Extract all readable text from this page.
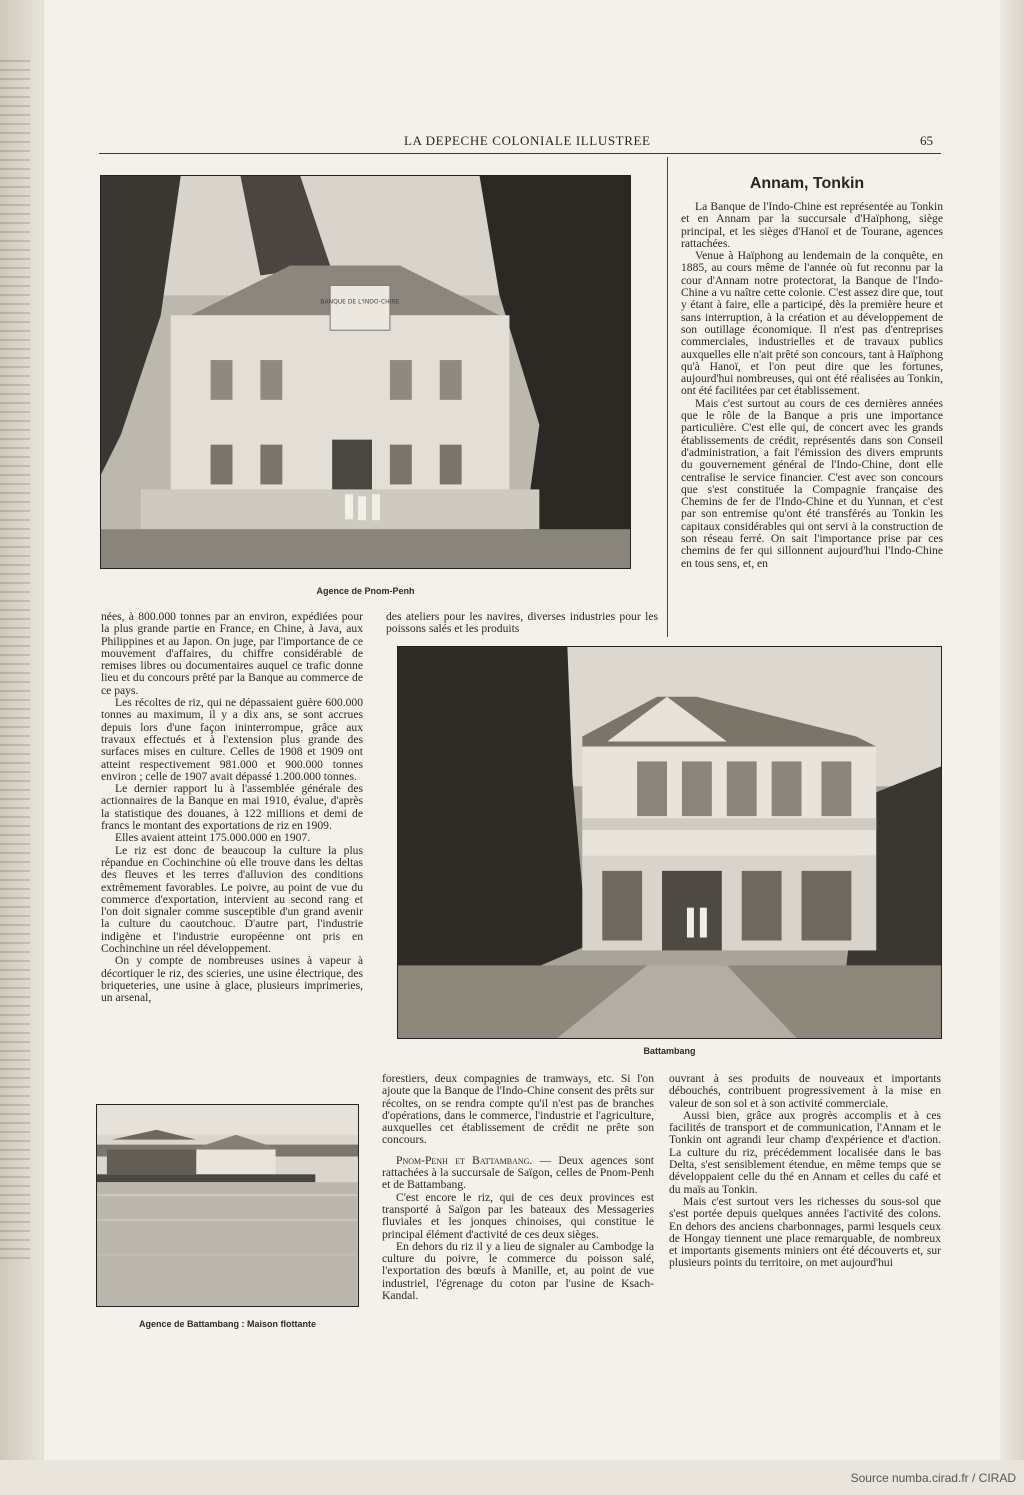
LA DEPECHE COLONIALE ILLUSTREE	65
BANQUE DE L'INDO-CHINE
Agence de Pnom-Penh
Annam, Tonkin

La Banque de l'Indo-Chine est représentée au Tonkin et en Annam par la succursale d'Haïphong, siège principal, et les sièges d'Hanoï et de Tourane, agences rattachées.

Venue à Haïphong au lendemain de la conquête, en 1885, au cours même de l'année où fut reconnu par la cour d'Annam notre protectorat, la Banque de l'Indo-Chine a vu naître cette colonie. C'est assez dire que, tout y étant à faire, elle a participé, dès la première heure et sans interruption, à la création et au développement de son outillage économique. Il n'est pas d'entreprises commerciales, industrielles et de travaux publics auxquelles elle n'ait prêté son concours, tant à Haïphong qu'à Hanoï, et l'on peut dire que les fortunes, aujourd'hui nombreuses, qui ont été réalisées au Tonkin, ont été facilitées par cet établissement.

Mais c'est surtout au cours de ces dernières années que le rôle de la Banque a pris une importance particulière. C'est elle qui, de concert avec les grands établissements de crédit, représentés dans son Conseil d'administration, a fait l'émission des divers emprunts du gouvernement général de l'Indo-Chine, dont elle centralise le service financier. C'est avec son concours que s'est constituée la Compagnie française des Chemins de fer de l'Indo-Chine et du Yunnan, et c'est par son entremise qu'ont été transférés au Tonkin les capitaux considérables qui ont servi à la construction de son réseau ferré. On sait l'importance prise par ces chemins de fer qui sillonnent aujourd'hui l'Indo-Chine en tous sens, et, en

nées, à 800.000 tonnes par an environ, expédiées pour la plus grande partie en France, en Chine, à Java, aux Philippines et au Japon. On juge, par l'importance de ce mouvement d'affaires, du chiffre considérable de remises libres ou documentaires auquel ce trafic donne lieu et du concours prêté par la Banque au commerce de ce pays.

Les récoltes de riz, qui ne dépassaient guère 600.000 tonnes au maximum, il y a dix ans, se sont accrues depuis lors d'une façon ininterrompue, grâce aux travaux effectués et à l'extension plus grande des surfaces mises en culture. Celles de 1908 et 1909 ont atteint respectivement 981.000 et 900.000 tonnes environ ; celle de 1907 avait dépassé 1.200.000 tonnes.

Le dernier rapport lu à l'assemblée générale des actionnaires de la Banque en mai 1910, évalue, d'après la statistique des douanes, à 122 millions et demi de francs le montant des exportations de riz en 1909.

Elles avaient atteint 175.000.000 en 1907.

Le riz est donc de beaucoup la culture la plus répandue en Cochinchine où elle trouve dans les deltas des fleuves et les terres d'alluvion des conditions extrêmement favorables. Le poivre, au point de vue du commerce d'exportation, intervient au second rang et l'on doit signaler comme susceptible d'un grand avenir la culture du caoutchouc. D'autre part, l'industrie indigène et l'industrie européenne ont pris en Cochinchine un réel développement.

On y compte de nombreuses usines à vapeur à décortiquer le riz, des scieries, une usine électrique, des briqueteries, une usine à glace, plusieurs imprimeries, un arsenal,

des ateliers pour les navires, diverses industries pour les poissons salés et les produits

Battambang
Agence de Battambang : Maison flottante

forestiers, deux compagnies de tramways, etc. Si l'on ajoute que la Banque de l'Indo-Chine consent des prêts sur récoltes, on se rendra compte qu'il n'est pas de branches d'opérations, dans le commerce, l'industrie et l'agriculture, auxquelles cet établissement de crédit ne prête son concours.

Pnom-Penh et Battambang. — Deux agences sont rattachées à la succursale de Saïgon, celles de Pnom-Penh et de Battambang.

C'est encore le riz, qui de ces deux provinces est transporté à Saïgon par les bateaux des Messageries fluviales et les jonques chinoises, qui constitue le principal élément d'activité de ces deux sièges.

En dehors du riz il y a lieu de signaler au Cambodge la culture du poivre, le commerce du poisson salé, l'exportation des bœufs à Manille, et, au point de vue industriel, l'égrenage du coton par l'usine de Ksach-Kandal.

ouvrant à ses produits de nouveaux et importants débouchés, contribuent progressivement à la mise en valeur de son sol et à son activité commerciale.

Aussi bien, grâce aux progrès accomplis et à ces facilités de transport et de communication, l'Annam et le Tonkin ont agrandi leur champ d'expérience et d'action. La culture du riz, précédemment localisée dans le bas Delta, s'est sensiblement étendue, en même temps que se développaient celle du thé en Annam et celles du café et du maïs au Tonkin.

Mais c'est surtout vers les richesses du sous-sol que s'est portée depuis quelques années l'activité des colons. En dehors des anciens charbonnages, parmi lesquels ceux de Hongay tiennent une place remarquable, de nombreux et importants gisements miniers ont été découverts et, sur plusieurs points du territoire, on met aujourd'hui

Source numba.cirad.fr / CIRAD
